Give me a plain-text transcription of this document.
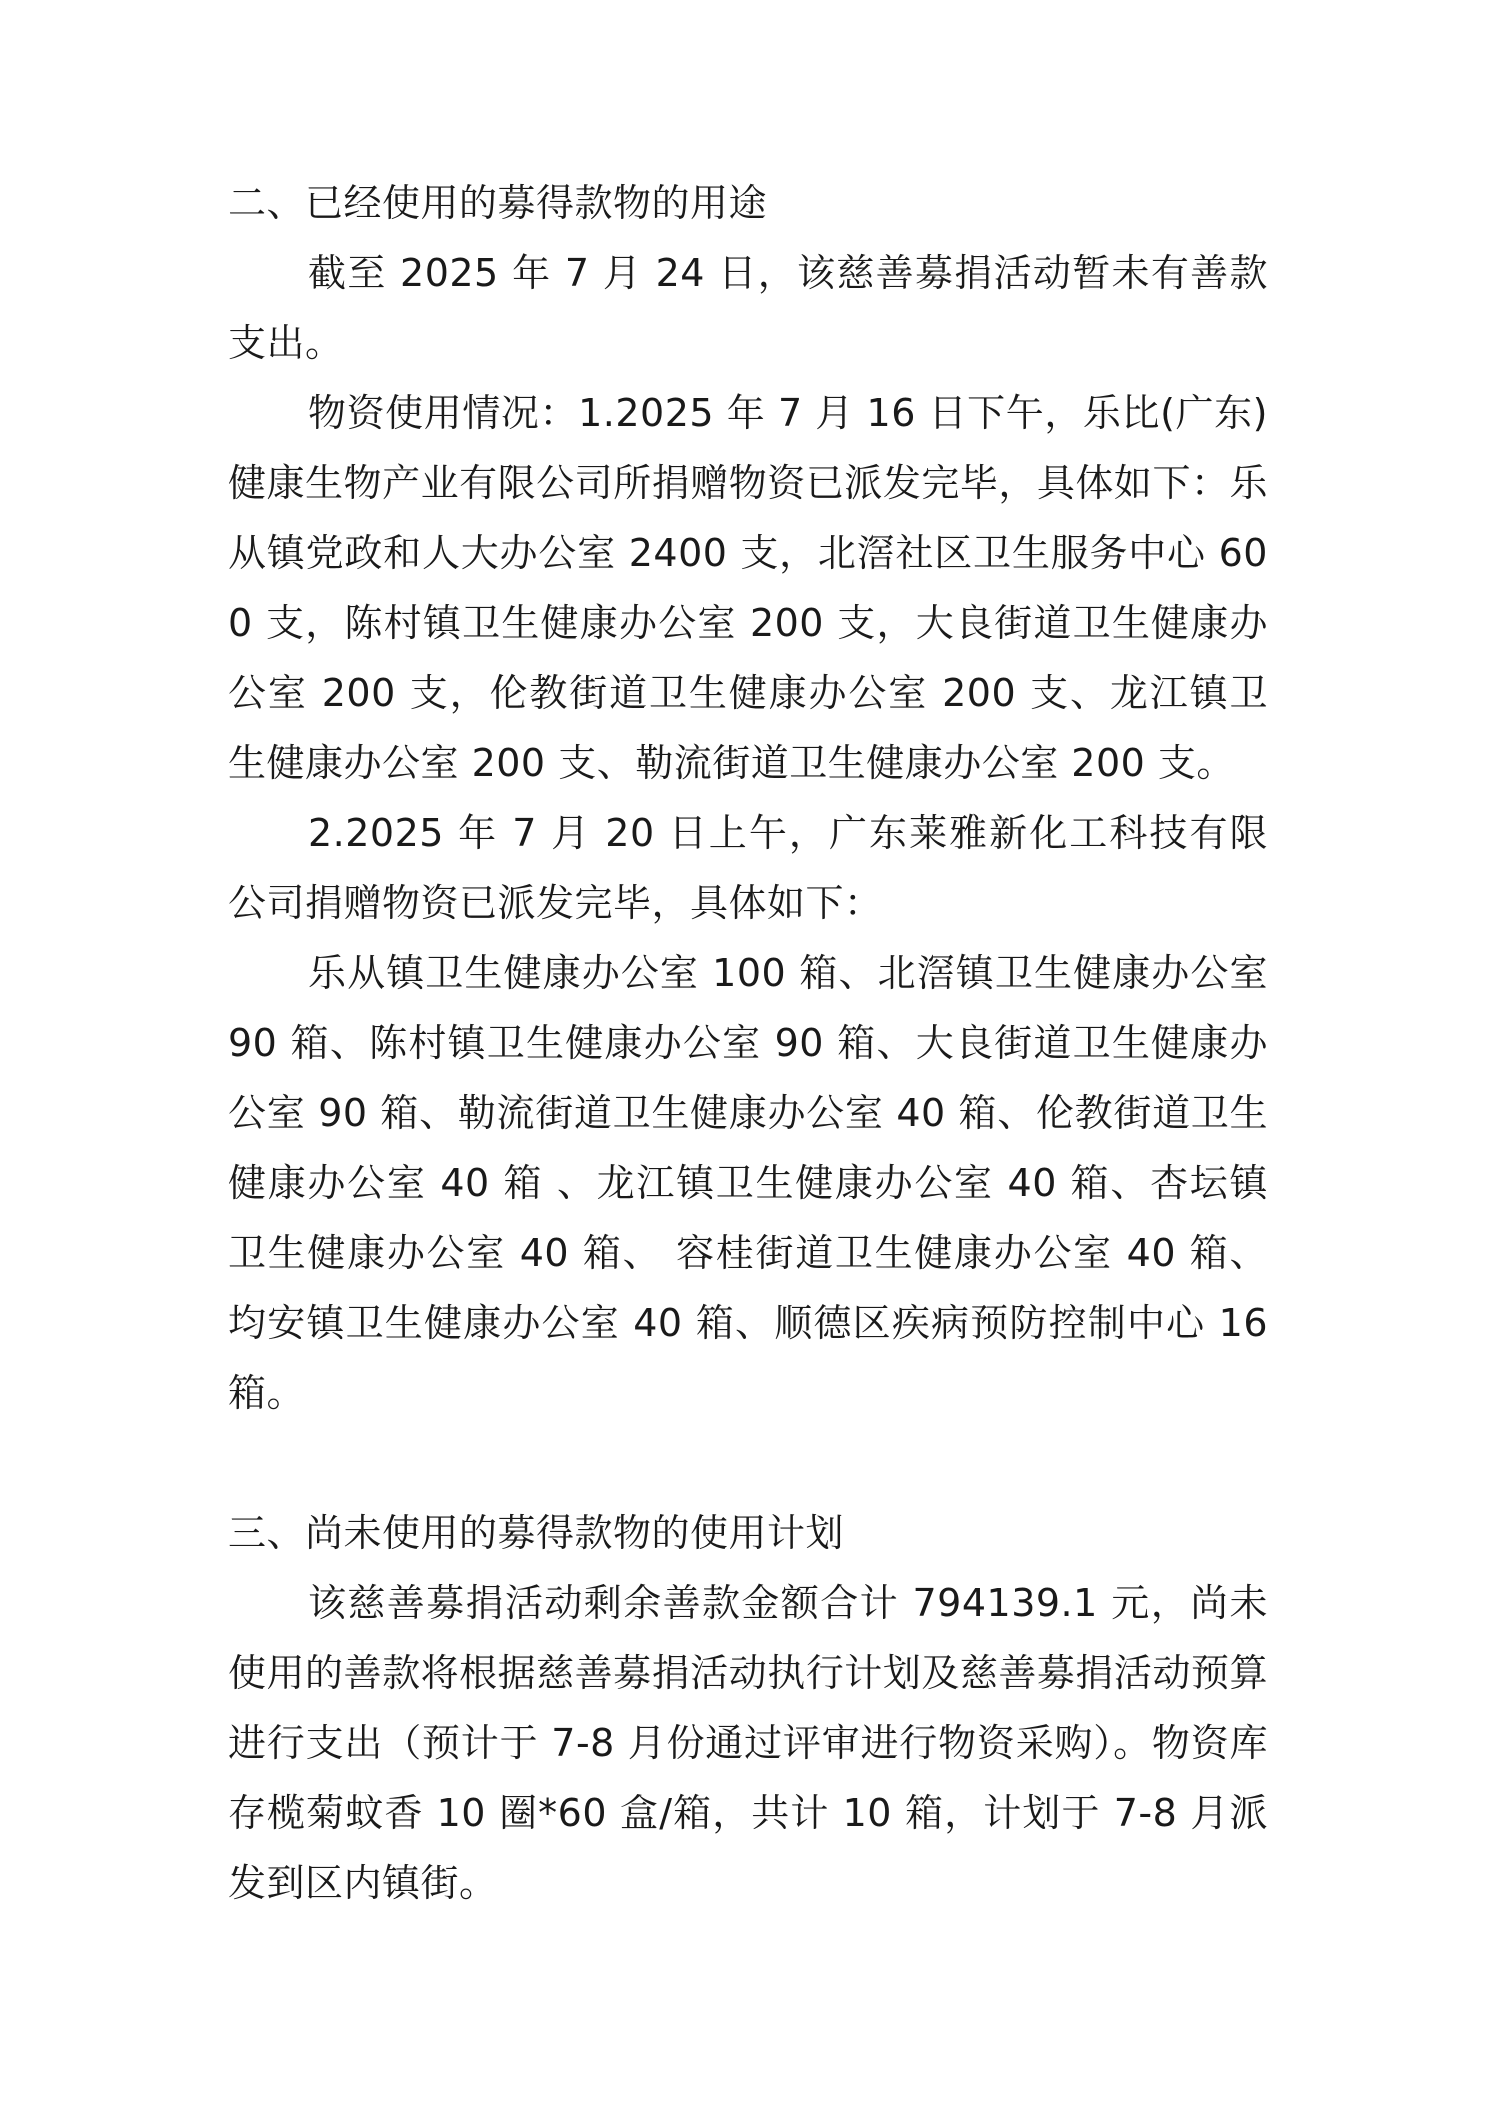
二、已经使用的募得款物的用途
截至 2025 年 7 月 24 日，该慈善募捐活动暂未有善款支出。
物资使用情况：1.2025 年 7 月 16 日下午，乐比(广东)健康生物产业有限公司所捐赠物资已派发完毕，具体如下：乐从镇党政和人大办公室 2400 支，北滘社区卫生服务中心 600 支，陈村镇卫生健康办公室 200 支，大良街道卫生健康办公室 200 支，伦教街道卫生健康办公室 200 支、龙江镇卫生健康办公室 200 支、勒流街道卫生健康办公室 200 支。
2.2025 年 7 月 20 日上午，广东莱雅新化工科技有限公司捐赠物资已派发完毕，具体如下：
乐从镇卫生健康办公室 100 箱、北滘镇卫生健康办公室 90 箱、陈村镇卫生健康办公室 90 箱、大良街道卫生健康办公室 90 箱、勒流街道卫生健康办公室 40 箱、伦教街道卫生健康办公室 40 箱 、龙江镇卫生健康办公室 40 箱、杏坛镇卫生健康办公室 40 箱、 容桂街道卫生健康办公室 40 箱、均安镇卫生健康办公室 40 箱、顺德区疾病预防控制中心 16 箱。
三、尚未使用的募得款物的使用计划
该慈善募捐活动剩余善款金额合计 794139.1 元，尚未使用的善款将根据慈善募捐活动执行计划及慈善募捐活动预算进行支出（预计于 7-8 月份通过评审进行物资采购）。物资库存榄菊蚊香 10 圈*60 盒/箱，共计 10 箱，计划于 7-8 月派发到区内镇街。
